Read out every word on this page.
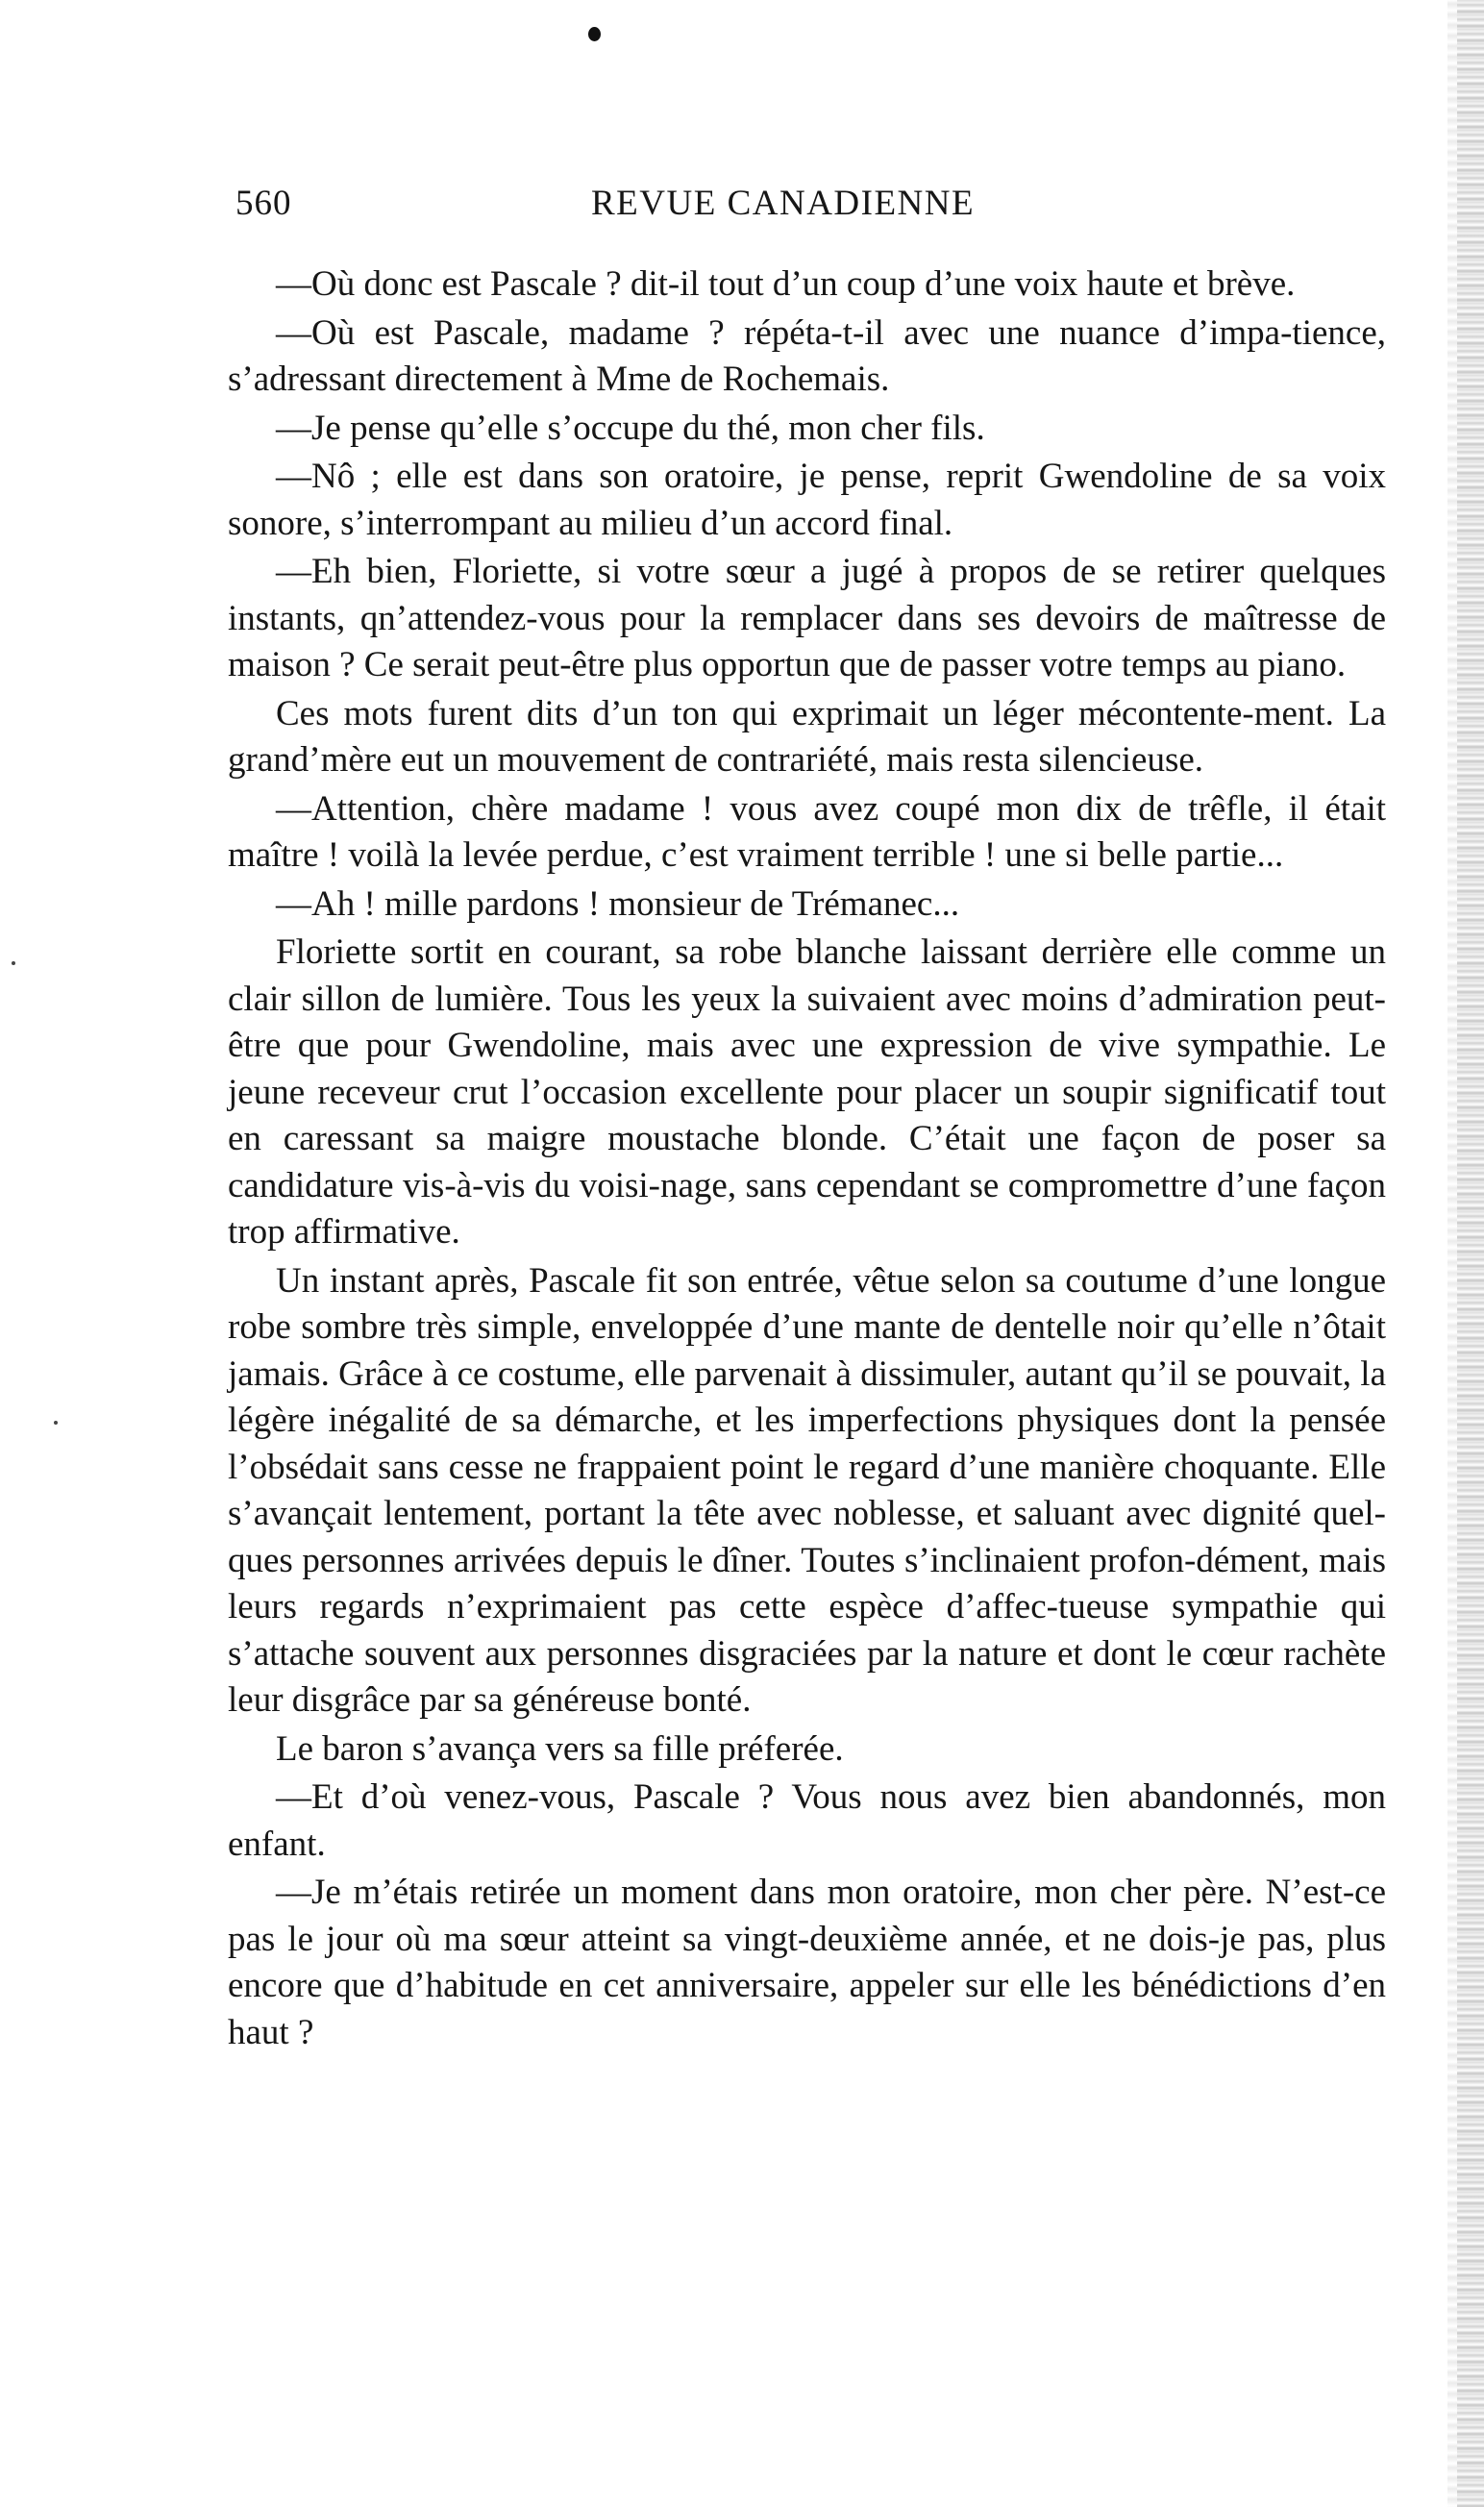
560	REVUE CANADIENNE

—Où donc est Pascale ? dit-il tout d’un coup d’une voix haute et brève.

—Où est Pascale, madame ? répéta-t-il avec une nuance d’impa-tience, s’adressant directement à Mme de Rochemais.

—Je pense qu’elle s’occupe du thé, mon cher fils.

—Nô ; elle est dans son oratoire, je pense, reprit Gwendoline de sa voix sonore, s’interrompant au milieu d’un accord final.

—Eh bien, Floriette, si votre sœur a jugé à propos de se retirer quelques instants, qn’attendez-vous pour la remplacer dans ses devoirs de maîtresse de maison ? Ce serait peut-être plus opportun que de passer votre temps au piano.

Ces mots furent dits d’un ton qui exprimait un léger mécontente-ment. La grand’mère eut un mouvement de contrariété, mais resta silencieuse.

—Attention, chère madame ! vous avez coupé mon dix de trêfle, il était maître ! voilà la levée perdue, c’est vraiment terrible ! une si belle partie...

—Ah ! mille pardons ! monsieur de Trémanec...

Floriette sortit en courant, sa robe blanche laissant derrière elle comme un clair sillon de lumière. Tous les yeux la suivaient avec moins d’admiration peut-être que pour Gwendoline, mais avec une expression de vive sympathie. Le jeune receveur crut l’occasion excellente pour placer un soupir significatif tout en caressant sa maigre moustache blonde. C’était une façon de poser sa candidature vis-à-vis du voisi-nage, sans cependant se compromettre d’une façon trop affirmative.

Un instant après, Pascale fit son entrée, vêtue selon sa coutume d’une longue robe sombre très simple, enveloppée d’une mante de dentelle noir qu’elle n’ôtait jamais. Grâce à ce costume, elle parvenait à dissimuler, autant qu’il se pouvait, la légère inégalité de sa démarche, et les imperfections physiques dont la pensée l’obsédait sans cesse ne frappaient point le regard d’une manière choquante. Elle s’avançait lentement, portant la tête avec noblesse, et saluant avec dignité quel-ques personnes arrivées depuis le dîner. Toutes s’inclinaient profon-dément, mais leurs regards n’exprimaient pas cette espèce d’affec-tueuse sympathie qui s’attache souvent aux personnes disgraciées par la nature et dont le cœur rachète leur disgrâce par sa généreuse bonté.

Le baron s’avança vers sa fille préferée.

—Et d’où venez-vous, Pascale ? Vous nous avez bien abandonnés, mon enfant.

—Je m’étais retirée un moment dans mon oratoire, mon cher père. N’est-ce pas le jour où ma sœur atteint sa vingt-deuxième année, et ne dois-je pas, plus encore que d’habitude en cet anniversaire, appeler sur elle les bénédictions d’en haut ?
